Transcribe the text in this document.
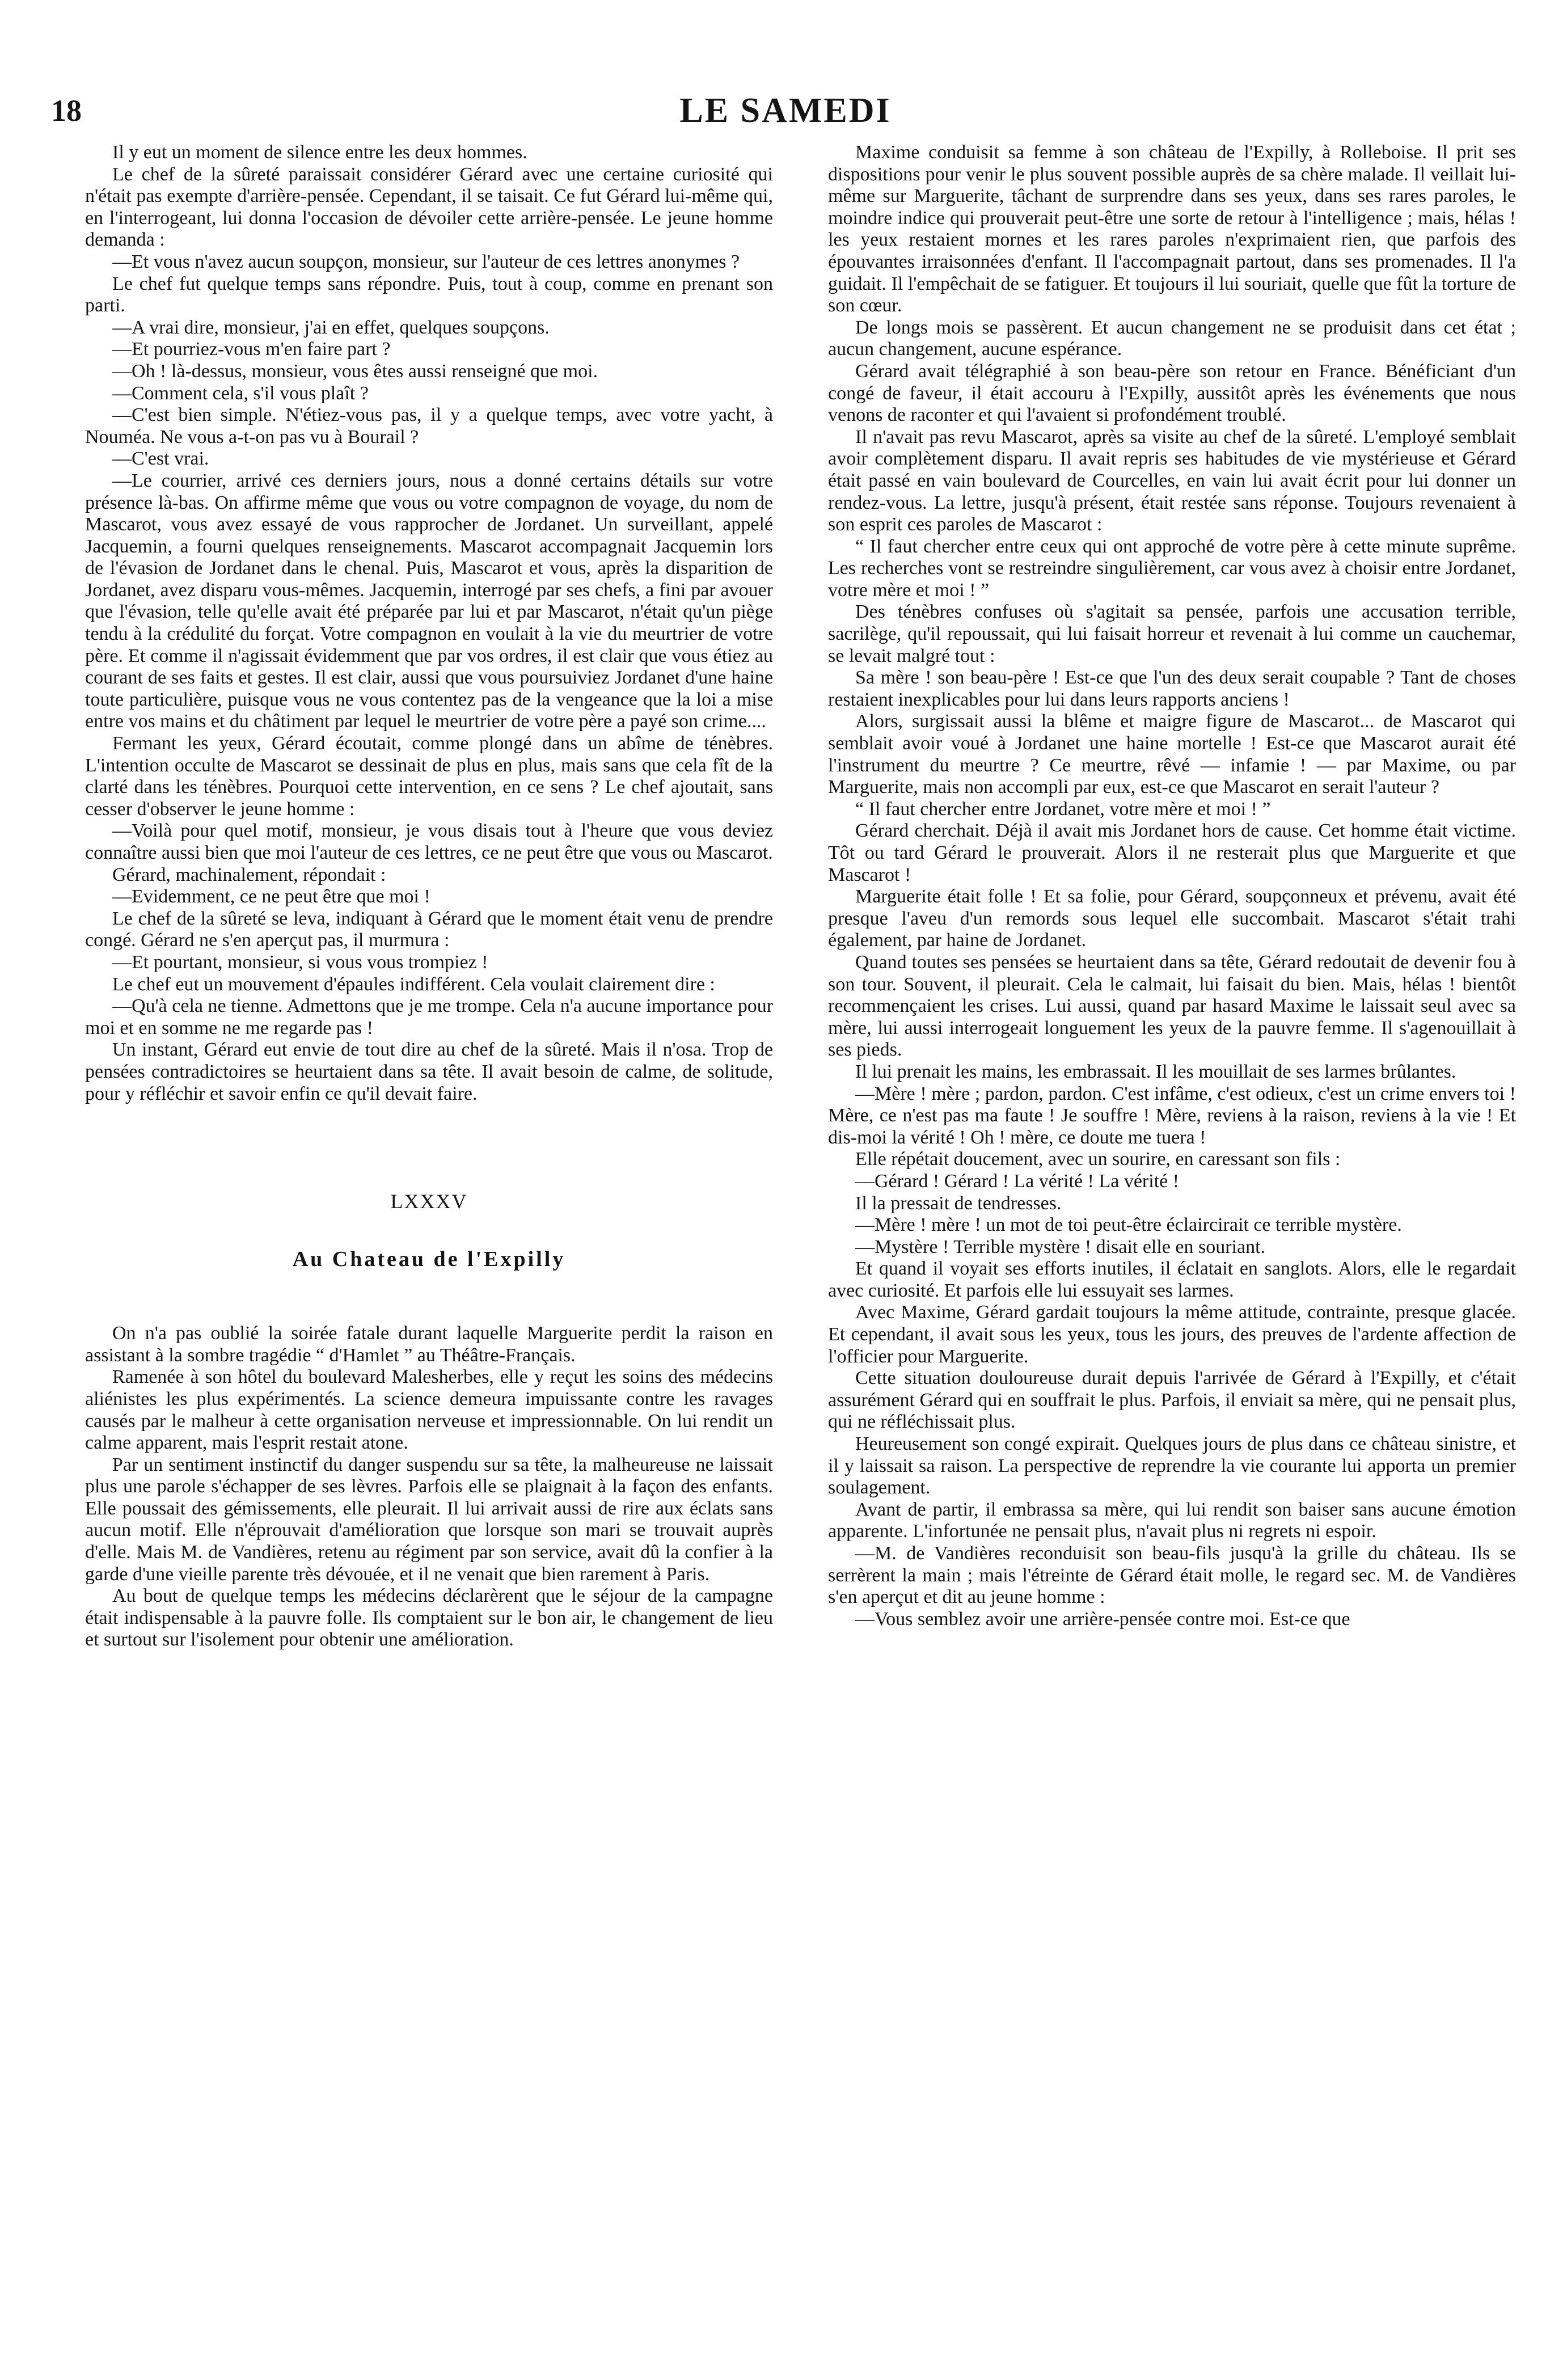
18	LE SAMEDI

Il y eut un moment de silence entre les deux hommes.

Le chef de la sûreté paraissait considérer Gérard avec une certaine curiosité qui n'était pas exempte d'arrière-pensée. Cependant, il se taisait. Ce fut Gérard lui-même qui, en l'interrogeant, lui donna l'occasion de dévoiler cette arrière-pensée. Le jeune homme demanda :

—Et vous n'avez aucun soupçon, monsieur, sur l'auteur de ces lettres anonymes ?

Le chef fut quelque temps sans répondre. Puis, tout à coup, comme en prenant son parti.

—A vrai dire, monsieur, j'ai en effet, quelques soupçons.

—Et pourriez-vous m'en faire part ?

—Oh ! là-dessus, monsieur, vous êtes aussi renseigné que moi.

—Comment cela, s'il vous plaît ?

—C'est bien simple. N'étiez-vous pas, il y a quelque temps, avec votre yacht, à Nouméa. Ne vous a-t-on pas vu à Bourail ?

—C'est vrai.

—Le courrier, arrivé ces derniers jours, nous a donné certains détails sur votre présence là-bas. On affirme même que vous ou votre compagnon de voyage, du nom de Mascarot, vous avez essayé de vous rapprocher de Jordanet. Un surveillant, appelé Jacquemin, a fourni quelques renseignements. Mascarot accompagnait Jacquemin lors de l'évasion de Jordanet dans le chenal. Puis, Mascarot et vous, après la disparition de Jordanet, avez disparu vous-mêmes. Jacquemin, interrogé par ses chefs, a fini par avouer que l'évasion, telle qu'elle avait été préparée par lui et par Mascarot, n'était qu'un piège tendu à la crédulité du forçat. Votre compagnon en voulait à la vie du meurtrier de votre père. Et comme il n'agissait évidemment que par vos ordres, il est clair que vous étiez au courant de ses faits et gestes. Il est clair, aussi que vous poursuiviez Jordanet d'une haine toute particulière, puisque vous ne vous contentez pas de la vengeance que la loi a mise entre vos mains et du châtiment par lequel le meurtrier de votre père a payé son crime....

Fermant les yeux, Gérard écoutait, comme plongé dans un abîme de ténèbres. L'intention occulte de Mascarot se dessinait de plus en plus, mais sans que cela fît de la clarté dans les ténèbres. Pourquoi cette intervention, en ce sens ? Le chef ajoutait, sans cesser d'observer le jeune homme :

—Voilà pour quel motif, monsieur, je vous disais tout à l'heure que vous deviez connaître aussi bien que moi l'auteur de ces lettres, ce ne peut être que vous ou Mascarot.

Gérard, machinalement, répondait :

—Evidemment, ce ne peut être que moi !

Le chef de la sûreté se leva, indiquant à Gérard que le moment était venu de prendre congé. Gérard ne s'en aperçut pas, il murmura :

—Et pourtant, monsieur, si vous vous trompiez !

Le chef eut un mouvement d'épaules indifférent. Cela voulait clairement dire :

—Qu'à cela ne tienne. Admettons que je me trompe. Cela n'a aucune importance pour moi et en somme ne me regarde pas !

Un instant, Gérard eut envie de tout dire au chef de la sûreté. Mais il n'osa. Trop de pensées contradictoires se heurtaient dans sa tête. Il avait besoin de calme, de solitude, pour y réfléchir et savoir enfin ce qu'il devait faire.

LXXXV
Au Chateau de l'Expilly

On n'a pas oublié la soirée fatale durant laquelle Marguerite perdit la raison en assistant à la sombre tragédie “ d'Hamlet ” au Théâtre-Français.

Ramenée à son hôtel du boulevard Malesherbes, elle y reçut les soins des médecins aliénistes les plus expérimentés. La science demeura impuissante contre les ravages causés par le malheur à cette organisation nerveuse et impressionnable. On lui rendit un calme apparent, mais l'esprit restait atone.

Par un sentiment instinctif du danger suspendu sur sa tête, la malheureuse ne laissait plus une parole s'échapper de ses lèvres. Parfois elle se plaignait à la façon des enfants. Elle poussait des gémissements, elle pleurait. Il lui arrivait aussi de rire aux éclats sans aucun motif. Elle n'éprouvait d'amélioration que lorsque son mari se trouvait auprès d'elle. Mais M. de Vandières, retenu au régiment par son service, avait dû la confier à la garde d'une vieille parente très dévouée, et il ne venait que bien rarement à Paris.

Au bout de quelque temps les médecins déclarèrent que le séjour de la campagne était indispensable à la pauvre folle. Ils comptaient sur le bon air, le changement de lieu et surtout sur l'isolement pour obtenir une amélioration.

Maxime conduisit sa femme à son château de l'Expilly, à Rolleboise. Il prit ses dispositions pour venir le plus souvent possible auprès de sa chère malade. Il veillait lui-même sur Marguerite, tâchant de surprendre dans ses yeux, dans ses rares paroles, le moindre indice qui prouverait peut-être une sorte de retour à l'intelligence ; mais, hélas ! les yeux restaient mornes et les rares paroles n'exprimaient rien, que parfois des épouvantes irraisonnées d'enfant. Il l'accompagnait partout, dans ses promenades. Il l'a guidait. Il l'empêchait de se fatiguer. Et toujours il lui souriait, quelle que fût la torture de son cœur.

De longs mois se passèrent. Et aucun changement ne se produisit dans cet état ; aucun changement, aucune espérance.

Gérard avait télégraphié à son beau-père son retour en France. Bénéficiant d'un congé de faveur, il était accouru à l'Expilly, aussitôt après les événements que nous venons de raconter et qui l'avaient si profondément troublé.

Il n'avait pas revu Mascarot, après sa visite au chef de la sûreté. L'employé semblait avoir complètement disparu. Il avait repris ses habitudes de vie mystérieuse et Gérard était passé en vain boulevard de Courcelles, en vain lui avait écrit pour lui donner un rendez-vous. La lettre, jusqu'à présent, était restée sans réponse. Toujours revenaient à son esprit ces paroles de Mascarot :

“ Il faut chercher entre ceux qui ont approché de votre père à cette minute suprême. Les recherches vont se restreindre singulièrement, car vous avez à choisir entre Jordanet, votre mère et moi ! ”

Des ténèbres confuses où s'agitait sa pensée, parfois une accusation terrible, sacrilège, qu'il repoussait, qui lui faisait horreur et revenait à lui comme un cauchemar, se levait malgré tout :

Sa mère ! son beau-père ! Est-ce que l'un des deux serait coupable ? Tant de choses restaient inexplicables pour lui dans leurs rapports anciens !

Alors, surgissait aussi la blême et maigre figure de Mascarot... de Mascarot qui semblait avoir voué à Jordanet une haine mortelle ! Est-ce que Mascarot aurait été l'instrument du meurtre ? Ce meurtre, rêvé — infamie ! — par Maxime, ou par Marguerite, mais non accompli par eux, est-ce que Mascarot en serait l'auteur ?

“ Il faut chercher entre Jordanet, votre mère et moi ! ”

Gérard cherchait. Déjà il avait mis Jordanet hors de cause. Cet homme était victime. Tôt ou tard Gérard le prouverait. Alors il ne resterait plus que Marguerite et que Mascarot !

Marguerite était folle ! Et sa folie, pour Gérard, soupçonneux et prévenu, avait été presque l'aveu d'un remords sous lequel elle succombait. Mascarot s'était trahi également, par haine de Jordanet.

Quand toutes ses pensées se heurtaient dans sa tête, Gérard redoutait de devenir fou à son tour. Souvent, il pleurait. Cela le calmait, lui faisait du bien. Mais, hélas ! bientôt recommençaient les crises. Lui aussi, quand par hasard Maxime le laissait seul avec sa mère, lui aussi interrogeait longuement les yeux de la pauvre femme. Il s'agenouillait à ses pieds.

Il lui prenait les mains, les embrassait. Il les mouillait de ses larmes brûlantes.

—Mère ! mère ; pardon, pardon. C'est infâme, c'est odieux, c'est un crime envers toi ! Mère, ce n'est pas ma faute ! Je souffre ! Mère, reviens à la raison, reviens à la vie ! Et dis-moi la vérité ! Oh ! mère, ce doute me tuera !

Elle répétait doucement, avec un sourire, en caressant son fils :

—Gérard ! Gérard ! La vérité ! La vérité !

Il la pressait de tendresses.

—Mère ! mère ! un mot de toi peut-être éclaircirait ce terrible mystère.

—Mystère ! Terrible mystère ! disait elle en souriant.

Et quand il voyait ses efforts inutiles, il éclatait en sanglots. Alors, elle le regardait avec curiosité. Et parfois elle lui essuyait ses larmes.

Avec Maxime, Gérard gardait toujours la même attitude, contrainte, presque glacée. Et cependant, il avait sous les yeux, tous les jours, des preuves de l'ardente affection de l'officier pour Marguerite.

Cette situation douloureuse durait depuis l'arrivée de Gérard à l'Expilly, et c'était assurément Gérard qui en souffrait le plus. Parfois, il enviait sa mère, qui ne pensait plus, qui ne réfléchissait plus.

Heureusement son congé expirait. Quelques jours de plus dans ce château sinistre, et il y laissait sa raison. La perspective de reprendre la vie courante lui apporta un premier soulagement.

Avant de partir, il embrassa sa mère, qui lui rendit son baiser sans aucune émotion apparente. L'infortunée ne pensait plus, n'avait plus ni regrets ni espoir.

—M. de Vandières reconduisit son beau-fils jusqu'à la grille du château. Ils se serrèrent la main ; mais l'étreinte de Gérard était molle, le regard sec. M. de Vandières s'en aperçut et dit au jeune homme :

—Vous semblez avoir une arrière-pensée contre moi. Est-ce que
